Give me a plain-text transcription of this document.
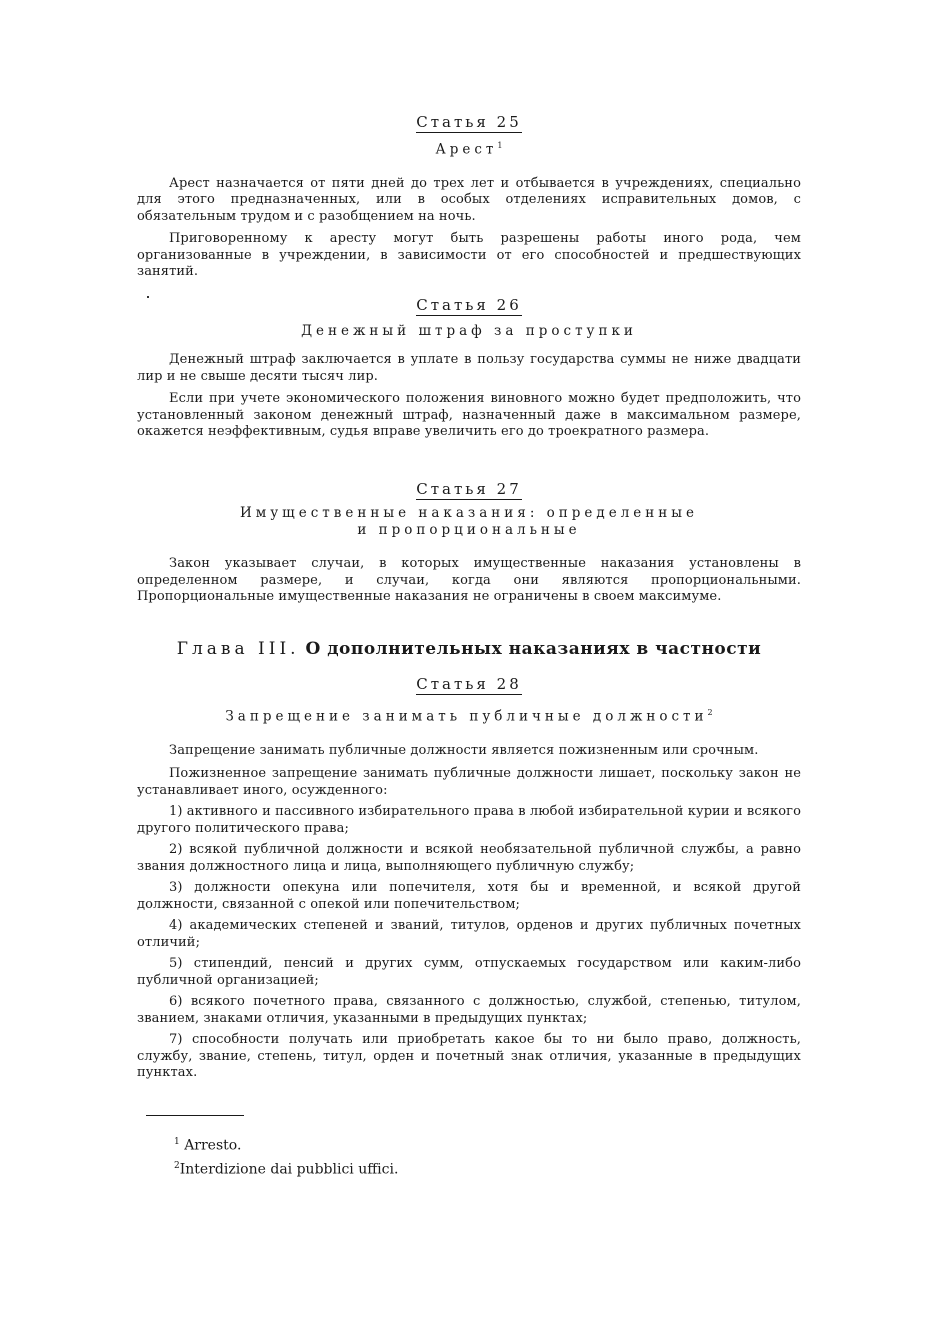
Статья 25

Арест$^1$

Арест назначается от пяти дней до трех лет и отбывается в учреждениях, специально для этого предназначенных, или в особых отделениях исправительных домов, с обязательным трудом и с разобщением на ночь.

Приговоренному к аресту могут быть разрешены работы иного рода, чем организованные в учреждении, в зависимости от его способностей и предшествующих занятий.

Статья 26

Денежный штраф за проступки

Денежный штраф заключается в уплате в пользу государства суммы не ниже двадцати лир и не свыше десяти тысяч лир.

Если при учете экономического положения виновного можно будет предположить, что установленный законом денежный штраф, назначенный даже в максимальном размере, окажется неэффективным, судья вправе увеличить его до троекратного размера.

Статья 27

Имущественные наказания: определенные

и пропорциональные

Закон указывает случаи, в которых имущественные наказания установлены в определенном размере, и случаи, когда они являются пропорциональными. Пропорциональные имущественные наказания не ограничены в своем максимуме.

Глава III. О дополнительных наказаниях в частности

Статья 28

Запрещение занимать публичные должности$^2$

Запрещение занимать публичные должности является пожизненным или срочным.

Пожизненное запрещение занимать публичные должности лишает, поскольку закон не устанавливает иного, осужденного:

1) активного и пассивного избирательного права в любой избирательной курии и всякого другого политического права;

2) всякой публичной должности и всякой необязательной публичной службы, а равно звания должностного лица и лица, выполняющего публичную службу;

3) должности опекуна или попечителя, хотя бы и временной, и всякой другой должности, связанной с опекой или попечительством;

4) академических степеней и званий, титулов, орденов и других публичных почетных отличий;

5) стипендий, пенсий и других сумм, отпускаемых государством или каким-либо публичной организацией;

6) всякого почетного права, связанного с должностью, службой, степенью, титулом, званием, знаками отличия, указанными в предыдущих пунктах;

7) способности получать или приобретать какое бы то ни было право, должность, службу, звание, степень, титул, орден и почетный знак отличия, указанные в предыдущих пунктах.

$^1$ Arresto.

$^2$Interdizione dai pubblici uffici.
